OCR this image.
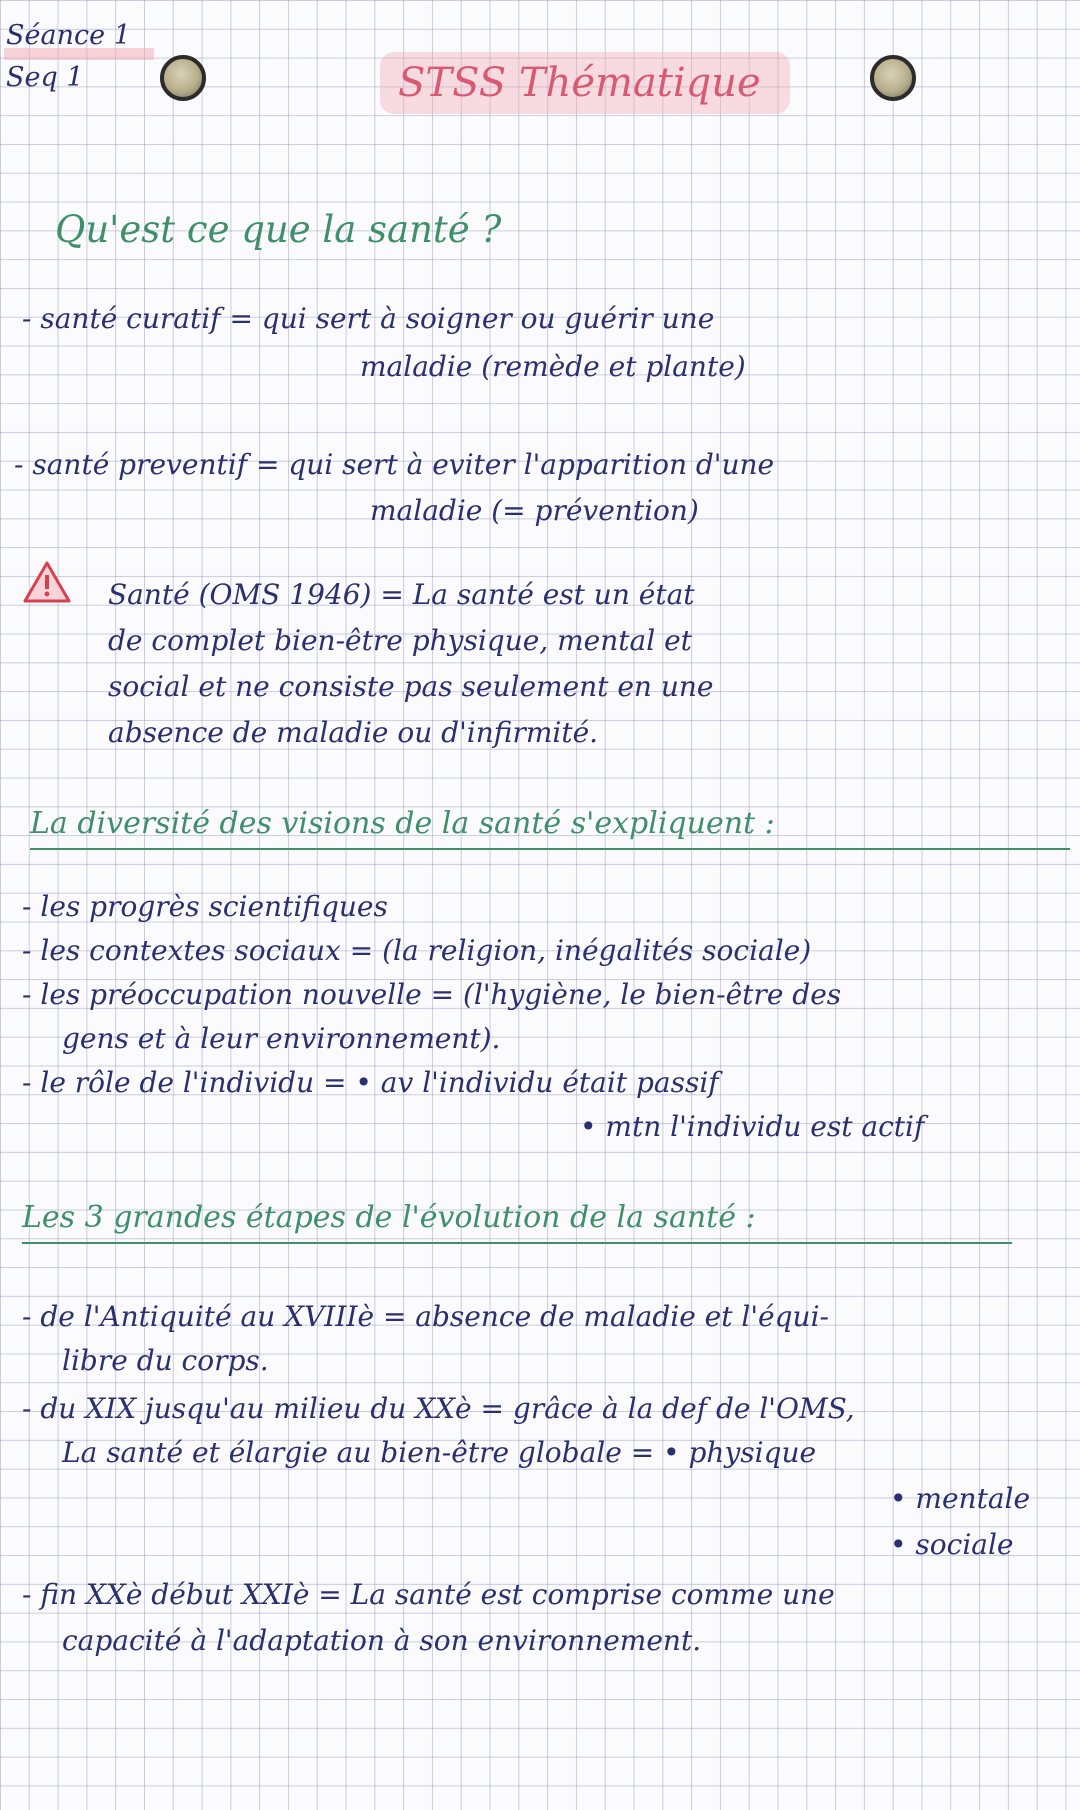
Séance 1
Seq 1	STSS Thématique
Qu'est ce que la santé ?
- santé curatif = qui sert à soigner ou guérir une
maladie (remède et plante)
- santé preventif = qui sert à eviter l'apparition d'une
maladie (= prévention)
Santé (OMS 1946) = La santé est un état
de complet bien-être physique, mental et
social et ne consiste pas seulement en une
absence de maladie ou d'infirmité.
La diversité des visions de la santé s'expliquent :
- les progrès scientifiques
- les contextes sociaux = (la religion, inégalités sociale)
- les préoccupation nouvelle = (l'hygiène, le bien-être des
gens et à leur environnement).
- le rôle de l'individu = • av l'individu était passif
• mtn l'individu est actif
Les 3 grandes étapes de l'évolution de la santé :
- de l'Antiquité au XVIIIè = absence de maladie et l'équi-
libre du corps.
- du XIX jusqu'au milieu du XXè = grâce à la def de l'OMS,
La santé et élargie au bien-être globale = • physique
• mentale
• sociale
- fin XXè début XXIè = La santé est comprise comme une
capacité à l'adaptation à son environnement.
